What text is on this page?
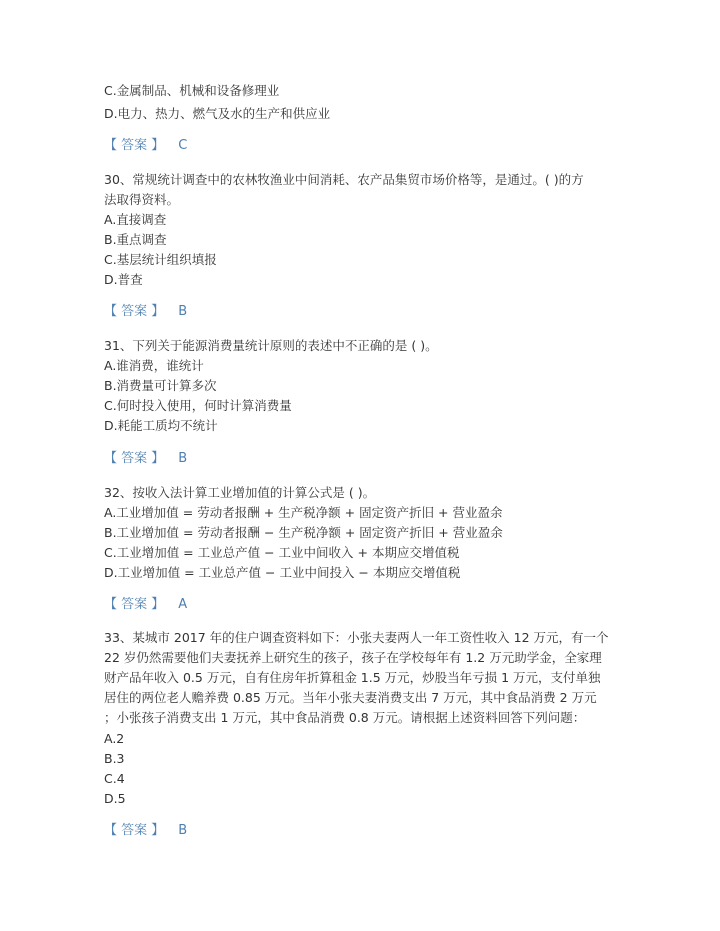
C.金属制品、机械和设备修理业
D.电力、热力、燃气及水的生产和供应业
【 答案 】 C
30、常规统计调查中的农林牧渔业中间消耗、农产品集贸市场价格等，是通过。( )的方
法取得资料。
A.直接调查
B.重点调查
C.基层统计组织填报
D.普查
【 答案 】 B
31、下列关于能源消费量统计原则的表述中不正确的是 ( )。
A.谁消费，谁统计
B.消费量可计算多次
C.何时投入使用，何时计算消费量
D.耗能工质均不统计
【 答案 】 B
32、按收入法计算工业增加值的计算公式是 ( )。
A.工业增加值 = 劳动者报酬 + 生产税净额 + 固定资产折旧 + 营业盈余
B.工业增加值 = 劳动者报酬 − 生产税净额 + 固定资产折旧 + 营业盈余
C.工业增加值 = 工业总产值 − 工业中间收入 + 本期应交增值税
D.工业增加值 = 工业总产值 − 工业中间投入 − 本期应交增值税
【 答案 】 A
33、某城市 2017 年的住户调查资料如下：小张夫妻两人一年工资性收入 12 万元，有一个
22 岁仍然需要他们夫妻抚养上研究生的孩子，孩子在学校每年有 1.2 万元助学金，全家理
财产品年收入 0.5 万元，自有住房年折算租金 1.5 万元，炒股当年亏损 1 万元，支付单独
居住的两位老人赡养费 0.85 万元。当年小张夫妻消费支出 7 万元，其中食品消费 2 万元
；小张孩子消费支出 1 万元，其中食品消费 0.8 万元。请根据上述资料回答下列问题：
A.2
B.3
C.4
D.5
【 答案 】 B
